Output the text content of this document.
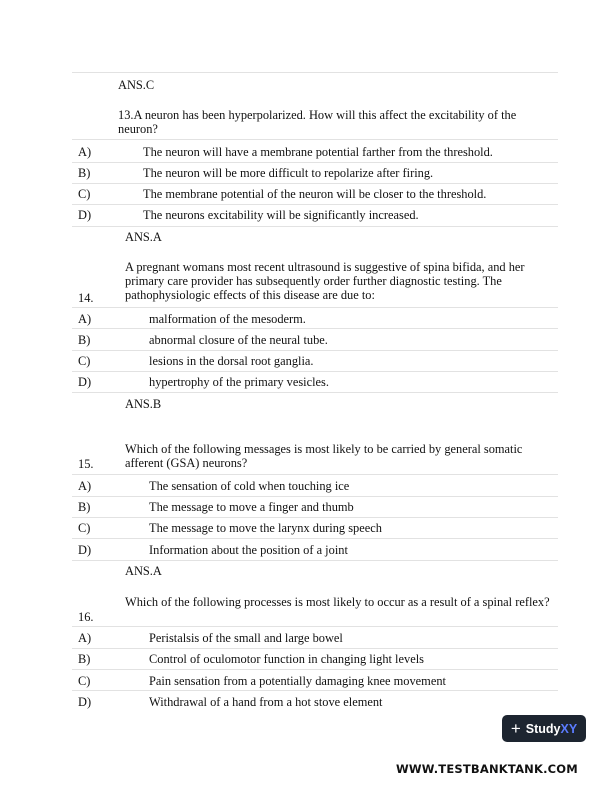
ANS.C
13.A neuron has been hyperpolarized. How will this affect the excitability of the neuron?
A)	The neuron will have a membrane potential farther from the threshold.
B)	The neuron will be more difficult to repolarize after firing.
C)	The membrane potential of the neuron will be closer to the threshold.
D)	The neurons excitability will be significantly increased.
ANS.A
A pregnant womans most recent ultrasound is suggestive of spina bifida, and her primary care provider has subsequently order further diagnostic testing. The pathophysiologic effects of this disease are due to:
14.
A)	malformation of the mesoderm.
B)	abnormal closure of the neural tube.
C)	lesions in the dorsal root ganglia.
D)	hypertrophy of the primary vesicles.
ANS.B
Which of the following messages is most likely to be carried by general somatic afferent (GSA) neurons?
15.
A)	The sensation of cold when touching ice
B)	The message to move a finger and thumb
C)	The message to move the larynx during speech
D)	Information about the position of a joint
ANS.A
Which of the following processes is most likely to occur as a result of a spinal reflex?
16.
A)	Peristalsis of the small and large bowel
B)	Control of oculomotor function in changing light levels
C)	Pain sensation from a potentially damaging knee movement
D)	Withdrawal of a hand from a hot stove element
+ StudyXY
WWW.TESTBANKTANK.COM
